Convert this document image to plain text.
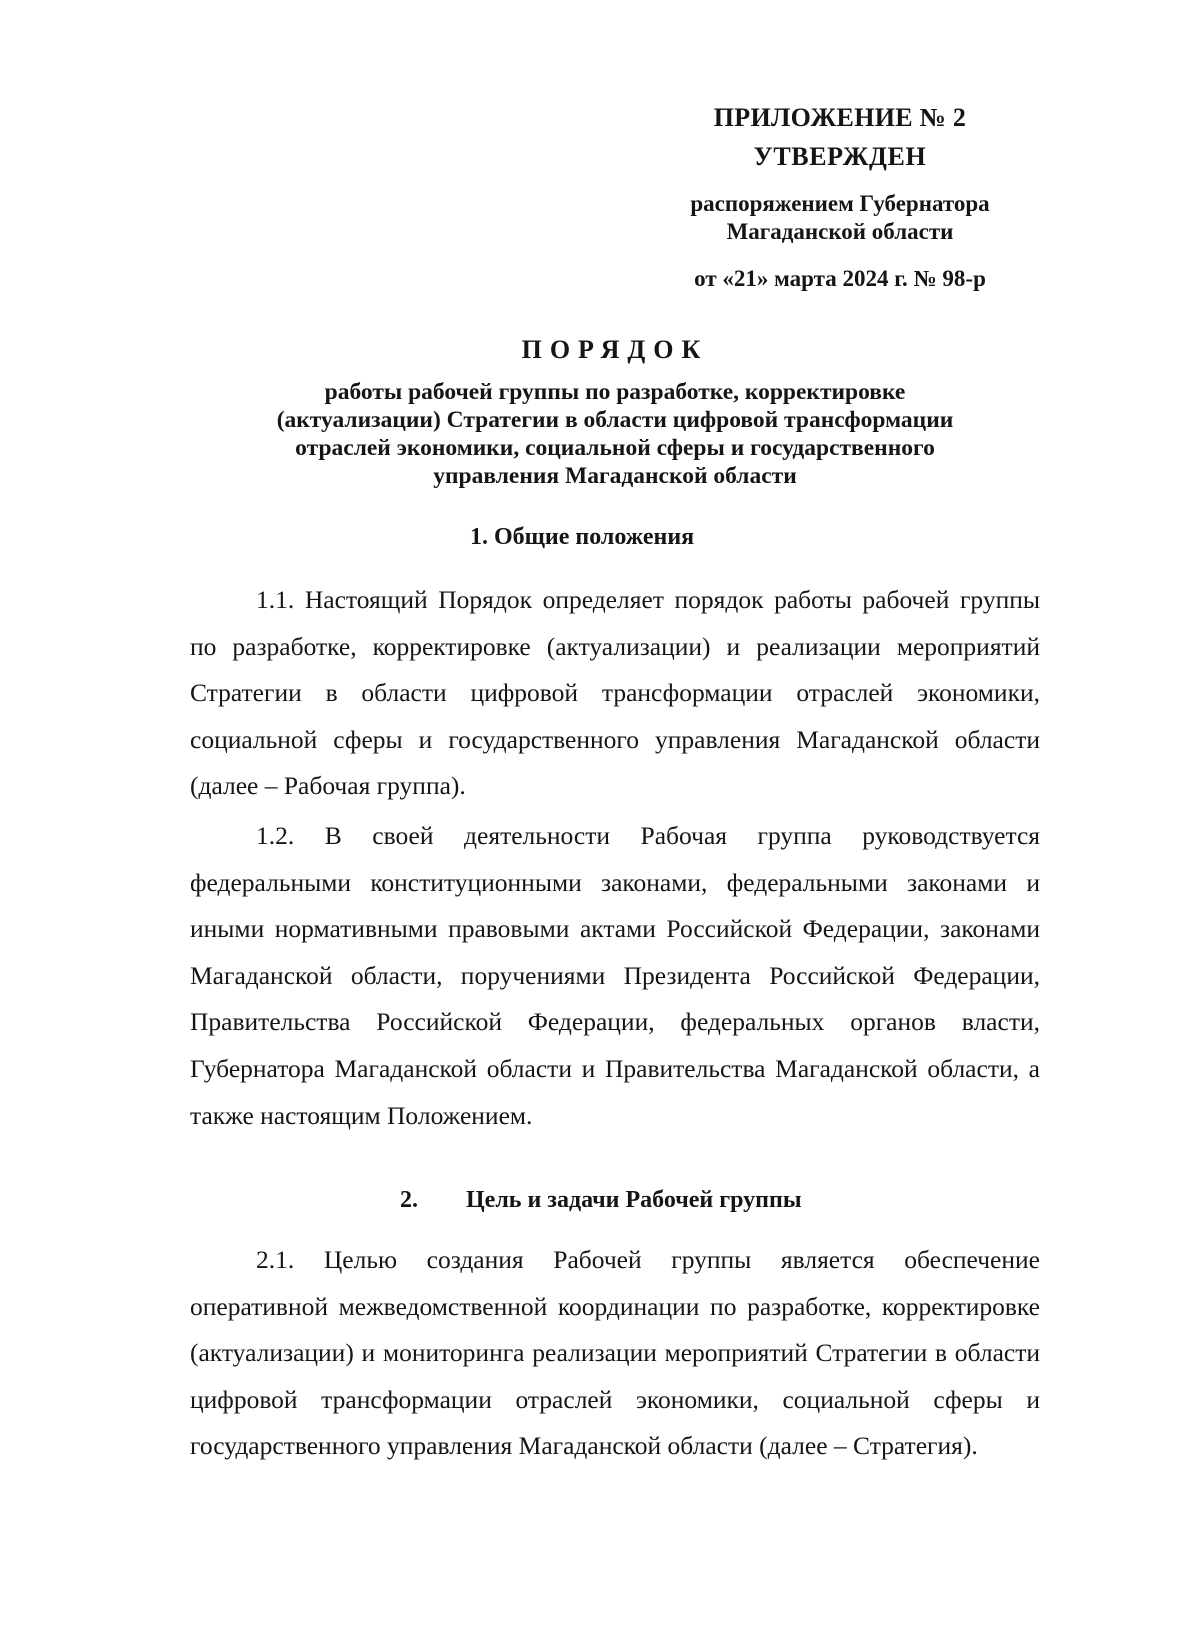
ПРИЛОЖЕНИЕ № 2
УТВЕРЖДЕН
распоряжением Губернатора
Магаданской области
от «21» марта 2024 г. № 98-р
ПОРЯДОК
работы рабочей группы по разработке, корректировке
(актуализации) Стратегии в области цифровой трансформации
отраслей экономики, социальной сферы и государственного
управления Магаданской области
1. Общие положения
1.1. Настоящий Порядок определяет порядок работы рабочей группы по разработке, корректировке (актуализации) и реализации мероприятий Стратегии в области цифровой трансформации отраслей экономики, социальной сферы и государственного управления Магаданской области (далее – Рабочая группа).
1.2. В своей деятельности Рабочая группа руководствуется федеральными конституционными законами, федеральными законами и иными нормативными правовыми актами Российской Федерации, законами Магаданской области, поручениями Президента Российской Федерации, Правительства Российской Федерации, федеральных органов власти, Губернатора Магаданской области и Правительства Магаданской области, а также настоящим Положением.
2. Цель и задачи Рабочей группы
2.1. Целью создания Рабочей группы является обеспечение оперативной межведомственной координации по разработке, корректировке (актуализации) и мониторинга реализации мероприятий Стратегии в области цифровой трансформации отраслей экономики, социальной сферы и государственного управления Магаданской области (далее – Стратегия).
